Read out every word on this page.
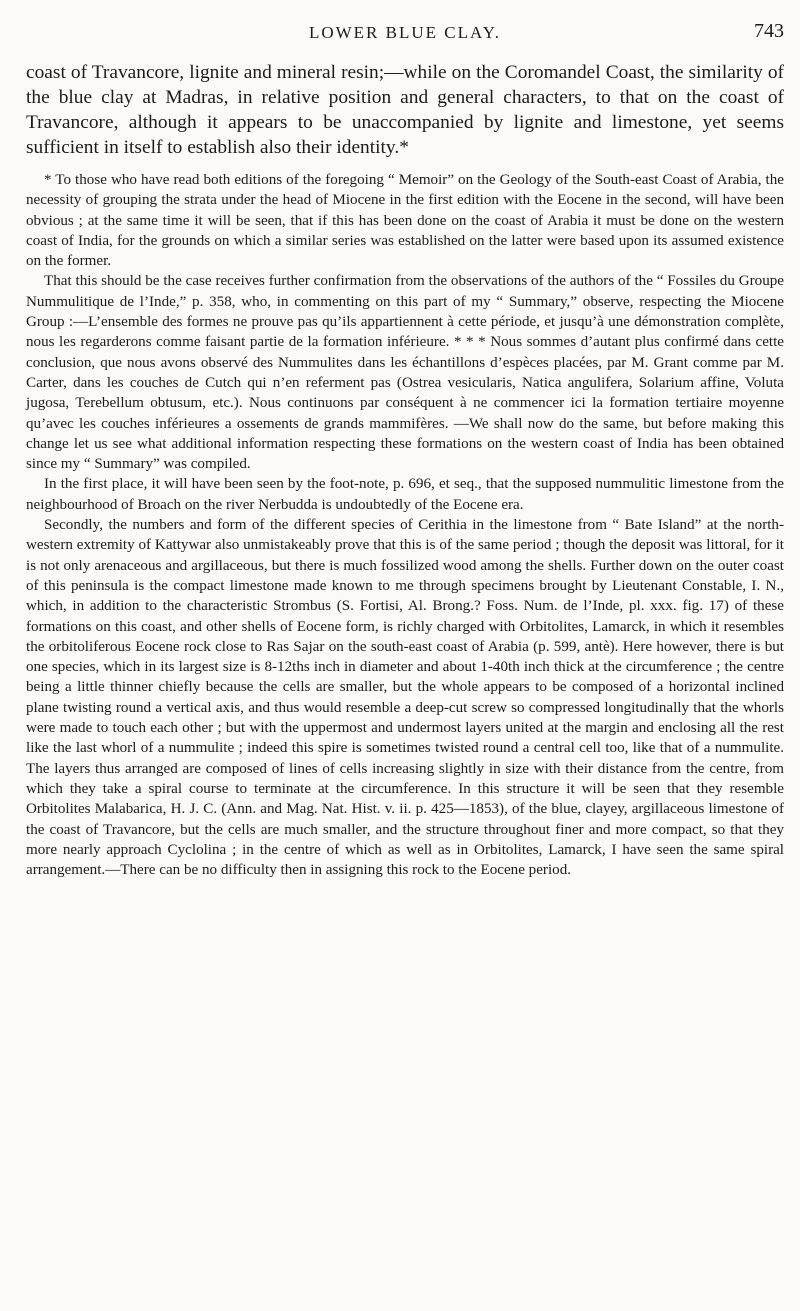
LOWER BLUE CLAY.	743

coast of Travancore, lignite and mineral resin;—while on the Coromandel Coast, the similarity of the blue clay at Madras, in relative position and general characters, to that on the coast of Travancore, although it appears to be unaccompanied by lignite and limestone, yet seems sufficient in itself to establish also their identity.*

* To those who have read both editions of the foregoing “ Memoir” on the Geology of the South-east Coast of Arabia, the necessity of grouping the strata under the head of Miocene in the first edition with the Eocene in the second, will have been obvious ; at the same time it will be seen, that if this has been done on the coast of Arabia it must be done on the western coast of India, for the grounds on which a similar series was established on the latter were based upon its assumed existence on the former.

That this should be the case receives further confirmation from the observations of the authors of the “ Fossiles du Groupe Nummulitique de l’Inde,” p. 358, who, in commenting on this part of my “ Summary,” observe, respecting the Miocene Group :—L’ensemble des formes ne prouve pas qu’ils appartiennent à cette période, et jusqu’à une démonstration complète, nous les regarderons comme faisant partie de la formation inférieure. * * * Nous sommes d’autant plus confirmé dans cette conclusion, que nous avons observé des Nummulites dans les échantillons d’espèces placées, par M. Grant comme par M. Carter, dans les couches de Cutch qui n’en referment pas (Ostrea vesicularis, Natica angulifera, Solarium affine, Voluta jugosa, Terebellum obtusum, etc.). Nous continuons par conséquent à ne commencer ici la formation tertiaire moyenne qu’avec les couches inférieures a ossements de grands mammifères. —We shall now do the same, but before making this change let us see what additional information respecting these formations on the western coast of India has been obtained since my “ Summary” was compiled.

In the first place, it will have been seen by the foot-note, p. 696, et seq., that the supposed nummulitic limestone from the neighbourhood of Broach on the river Nerbudda is undoubtedly of the Eocene era.

Secondly, the numbers and form of the different species of Cerithia in the limestone from “ Bate Island” at the north-western extremity of Kattywar also unmistakeably prove that this is of the same period ; though the deposit was littoral, for it is not only arenaceous and argillaceous, but there is much fossilized wood among the shells. Further down on the outer coast of this peninsula is the compact limestone made known to me through specimens brought by Lieutenant Constable, I. N., which, in addition to the characteristic Strombus (S. Fortisi, Al. Brong.? Foss. Num. de l’Inde, pl. xxx. fig. 17) of these formations on this coast, and other shells of Eocene form, is richly charged with Orbitolites, Lamarck, in which it resembles the orbitoliferous Eocene rock close to Ras Sajar on the south-east coast of Arabia (p. 599, antè). Here however, there is but one species, which in its largest size is 8-12ths inch in diameter and about 1-40th inch thick at the circumference ; the centre being a little thinner chiefly because the cells are smaller, but the whole appears to be composed of a horizontal inclined plane twisting round a vertical axis, and thus would resemble a deep-cut screw so compressed longitudinally that the whorls were made to touch each other ; but with the uppermost and undermost layers united at the margin and enclosing all the rest like the last whorl of a nummulite ; indeed this spire is sometimes twisted round a central cell too, like that of a nummulite. The layers thus arranged are composed of lines of cells increasing slightly in size with their distance from the centre, from which they take a spiral course to terminate at the circumference. In this structure it will be seen that they resemble Orbitolites Malabarica, H. J. C. (Ann. and Mag. Nat. Hist. v. ii. p. 425—1853), of the blue, clayey, argillaceous limestone of the coast of Travancore, but the cells are much smaller, and the structure throughout finer and more compact, so that they more nearly approach Cyclolina ; in the centre of which as well as in Orbitolites, Lamarck, I have seen the same spiral arrangement.—There can be no difficulty then in assigning this rock to the Eocene period.
